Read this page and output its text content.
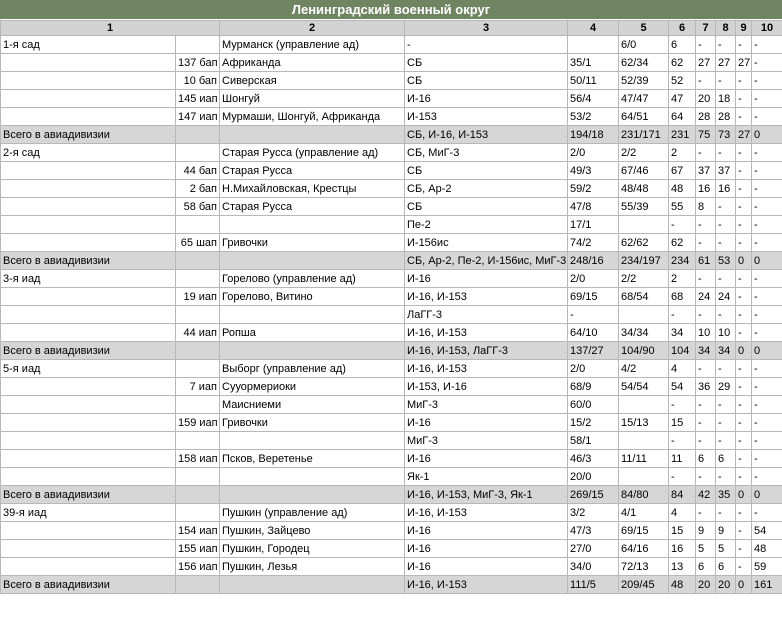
Ленинградский военный округ
1		2	3	4	5	6	7	8	9	10
1-я сад		Мурманск (управление ад)	-		6/0	6	-	-	-	-
	137 бап	Африканда	СБ	35/1	62/34	62	27	27	27	-
	10 бап	Сиверская	СБ	50/11	52/39	52	-	-	-	-
	145 иап	Шонгуй	И-16	56/4	47/47	47	20	18	-	-
	147 иап	Мурмаши, Шонгуй, Африканда	И-153	53/2	64/51	64	28	28	-	-
Всего в авиадивизии			СБ, И-16, И-153	194/18	231/171	231	75	73	27	0
2-я сад		Старая Русса (управление ад)	СБ, МиГ-3	2/0	2/2	2	-	-	-	-
	44 бап	Старая Русса	СБ	49/3	67/46	67	37	37	-	-
	2 бап	Н.Михайловская, Крестцы	СБ, Ар-2	59/2	48/48	48	16	16	-	-
	58 бап	Старая Русса	СБ	47/8	55/39	55	8	-	-	-
			Пе-2	17/1		-	-	-	-	-
	65 шап	Гривочки	И-156ис	74/2	62/62	62	-	-	-	-
Всего в авиадивизии			СБ, Ар-2, Пе-2, И-156ис, МиГ-3	248/16	234/197	234	61	53	0	0
3-я иад		Горелово (управление ад)	И-16	2/0	2/2	2	-	-	-	-
	19 иап	Горелово, Витино	И-16, И-153	69/15	68/54	68	24	24	-	-
			ЛаГГ-3	-		-	-	-	-	-
	44 иап	Ропша	И-16, И-153	64/10	34/34	34	10	10	-	-
Всего в авиадивизии			И-16, И-153, ЛаГГ-3	137/27	104/90	104	34	34	0	0
5-я иад		Выборг (управление ад)	И-16, И-153	2/0	4/2	4	-	-	-	-
	7 иап	Сууормериоки	И-153, И-16	68/9	54/54	54	36	29	-	-
		Маисниеми	МиГ-3	60/0		-	-	-	-	-
	159 иап	Гривочки	И-16	15/2	15/13	15	-	-	-	-
			МиГ-3	58/1		-	-	-	-	-
	158 иап	Псков, Веретенье	И-16	46/3	11/11	11	6	6	-	-
			Як-1	20/0		-	-	-	-	-
Всего в авиадивизии			И-16, И-153, МиГ-3, Як-1	269/15	84/80	84	42	35	0	0
39-я иад		Пушкин (управление ад)	И-16, И-153	3/2	4/1	4	-	-	-	-
	154 иап	Пушкин, Зайцево	И-16	47/3	69/15	15	9	9	-	54
	155 иап	Пушкин, Городец	И-16	27/0	64/16	16	5	5	-	48
	156 иап	Пушкин, Лезья	И-16	34/0	72/13	13	6	6	-	59
Всего в авиадивизии			И-16, И-153	111/5	209/45	48	20	20	0	161
